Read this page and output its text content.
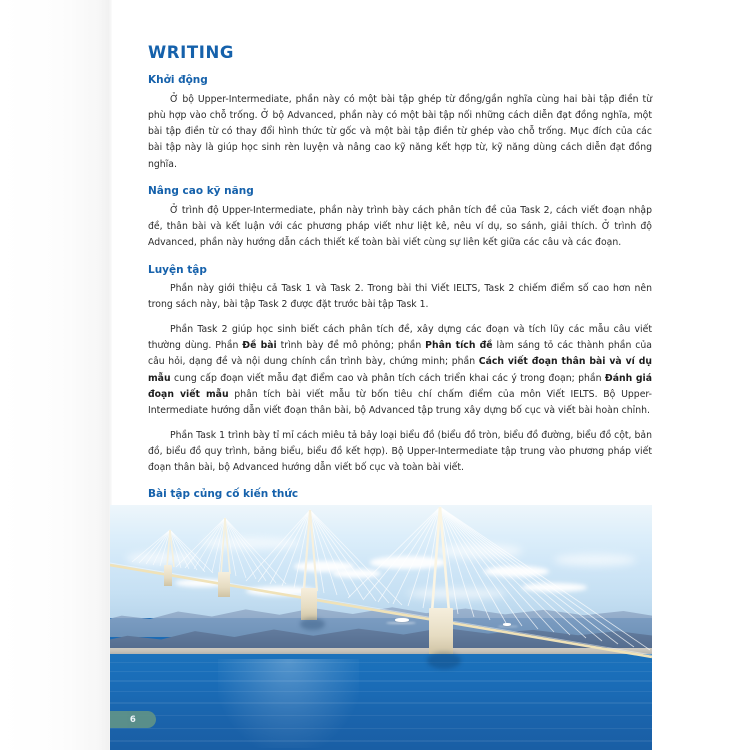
WRITING
Khởi động

Ở bộ Upper-Intermediate, phần này có một bài tập ghép từ đồng/gần nghĩa cùng hai bài tập điền từ phù hợp vào chỗ trống. Ở bộ Advanced, phần này có một bài tập nối những cách diễn đạt đồng nghĩa, một bài tập điền từ có thay đổi hình thức từ gốc và một bài tập điền từ ghép vào chỗ trống. Mục đích của các bài tập này là giúp học sinh rèn luyện và nâng cao kỹ năng kết hợp từ, kỹ năng dùng cách diễn đạt đồng nghĩa.

Nâng cao kỹ năng

Ở trình độ Upper-Intermediate, phần này trình bày cách phân tích đề của Task 2, cách viết đoạn nhập đề, thân bài và kết luận với các phương pháp viết như liệt kê, nêu ví dụ, so sánh, giải thích. Ở trình độ Advanced, phần này hướng dẫn cách thiết kế toàn bài viết cùng sự liên kết giữa các câu và các đoạn.

Luyện tập

Phần này giới thiệu cả Task 1 và Task 2. Trong bài thi Viết IELTS, Task 2 chiếm điểm số cao hơn nên trong sách này, bài tập Task 2 được đặt trước bài tập Task 1.

Phần Task 2 giúp học sinh biết cách phân tích đề, xây dựng các đoạn và tích lũy các mẫu câu viết thường dùng. Phần Đề bài trình bày đề mô phỏng; phần Phân tích đề làm sáng tỏ các thành phần của câu hỏi, dạng đề và nội dung chính cần trình bày, chứng minh; phần Cách viết đoạn thân bài và ví dụ mẫu cung cấp đoạn viết mẫu đạt điểm cao và phân tích cách triển khai các ý trong đoạn; phần Đánh giá đoạn viết mẫu phân tích bài viết mẫu từ bốn tiêu chí chấm điểm của môn Viết IELTS. Bộ Upper-Intermediate hướng dẫn viết đoạn thân bài, bộ Advanced tập trung xây dựng bố cục và viết bài hoàn chỉnh.

Phần Task 1 trình bày tỉ mỉ cách miêu tả bảy loại biểu đồ (biểu đồ tròn, biểu đồ đường, biểu đồ cột, bản đồ, biểu đồ quy trình, bảng biểu, biểu đồ kết hợp). Bộ Upper-Intermediate tập trung vào phương pháp viết đoạn thân bài, bộ Advanced hướng dẫn viết bố cục và toàn bài viết.

Bài tập củng cố kiến thức

6
